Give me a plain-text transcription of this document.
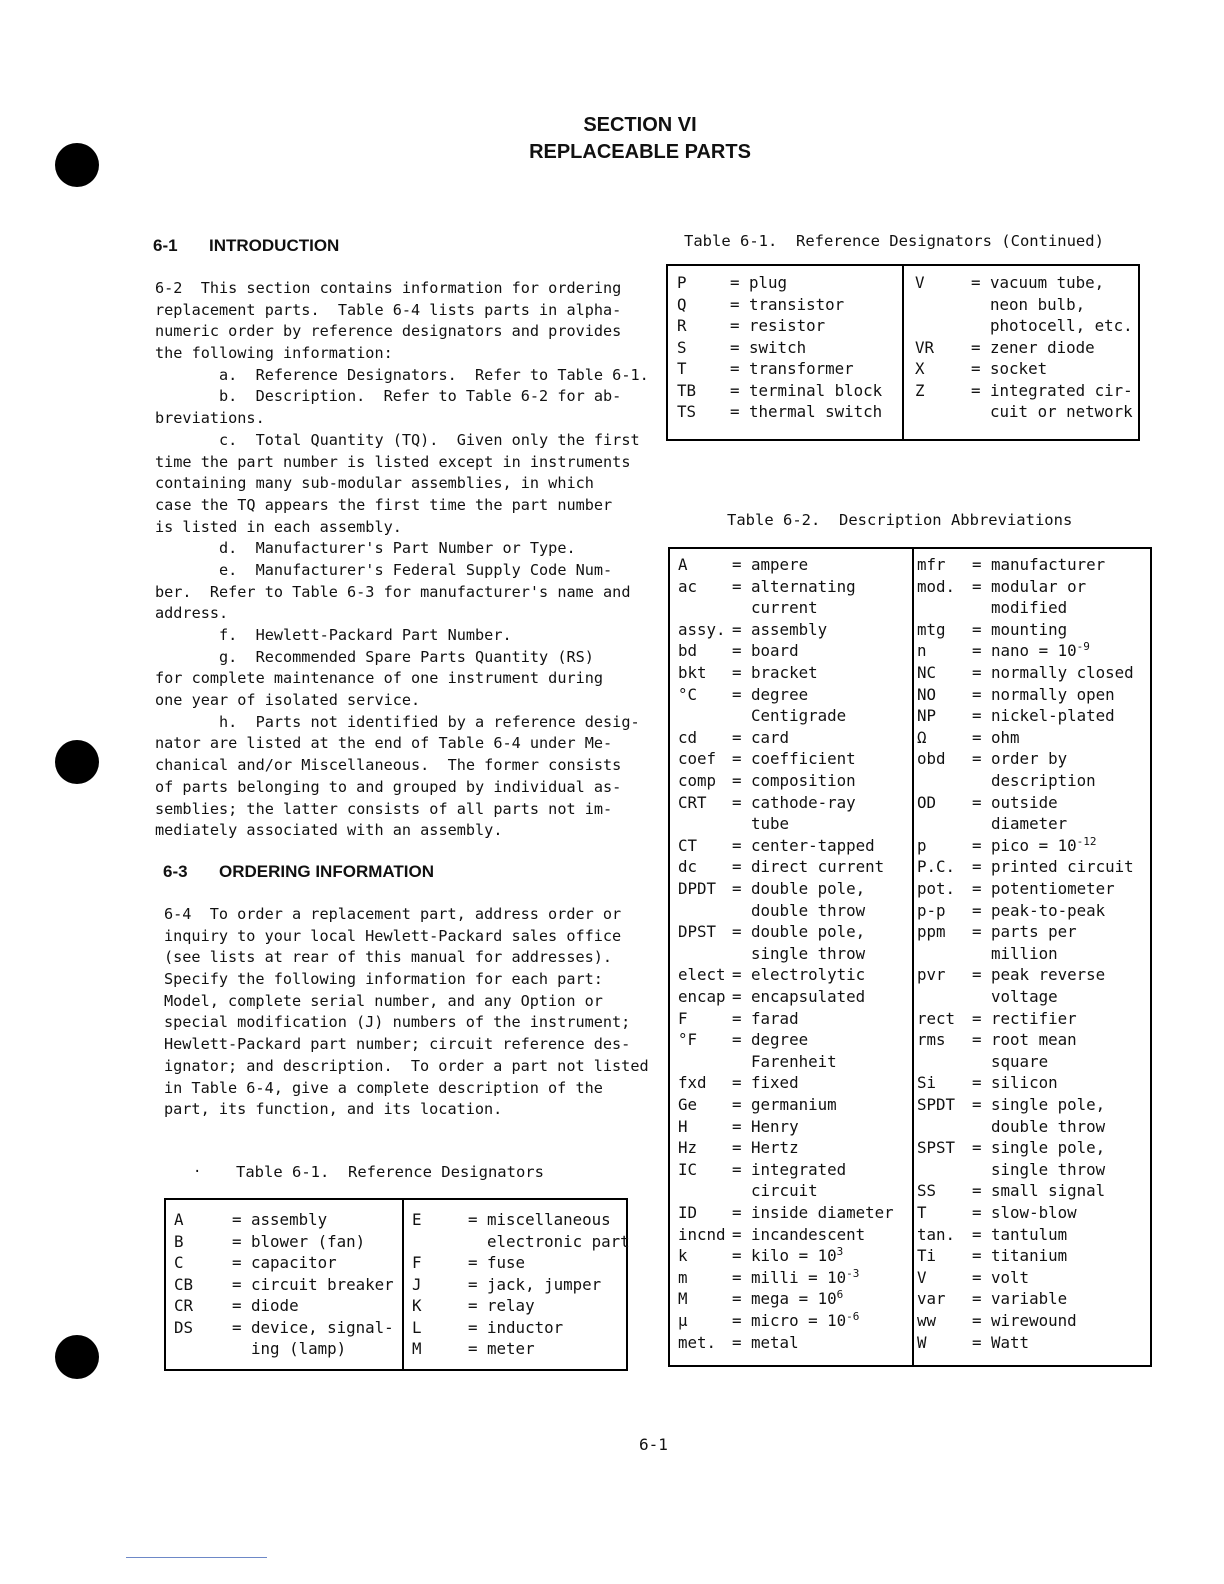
SECTION VI
REPLACEABLE PARTS
6-1 INTRODUCTION
6-2  This section contains information for ordering
replacement parts.  Table 6-4 lists parts in alpha-
numeric order by reference designators and provides
the following information:
a.  Reference Designators.  Refer to Table 6-1.
b.  Description.  Refer to Table 6-2 for ab-
breviations.
c.  Total Quantity (TQ).  Given only the first
time the part number is listed except in instruments
containing many sub-modular assemblies, in which
case the TQ appears the first time the part number
is listed in each assembly.
d.  Manufacturer's Part Number or Type.
e.  Manufacturer's Federal Supply Code Num-
ber.  Refer to Table 6-3 for manufacturer's name and
address.
f.  Hewlett-Packard Part Number.
g.  Recommended Spare Parts Quantity (RS)
for complete maintenance of one instrument during
one year of isolated service.
h.  Parts not identified by a reference desig-
nator are listed at the end of Table 6-4 under Me-
chanical and/or Miscellaneous.  The former consists
of parts belonging to and grouped by individual as-
semblies; the latter consists of all parts not im-
mediately associated with an assembly.
6-3 ORDERING INFORMATION
6-4  To order a replacement part, address order or
inquiry to your local Hewlett-Packard sales office
(see lists at rear of this manual for addresses).
Specify the following information for each part:
Model, complete serial number, and any Option or
special modification (J) numbers of the instrument;
Hewlett-Packard part number; circuit reference des-
ignator; and description.  To order a part not listed
in Table 6-4, give a complete description of the
part, its function, and its location.
· Table 6-1.  Reference Designators
A	= assembly
B	= blower (fan)
C	= capacitor
CB = circuit breaker
CR = diode
DS = device, signal-
ing (lamp)
E	= miscellaneous
electronic part
F	= fuse
J	= jack, jumper
K	= relay
L	= inductor
M	= meter
Table 6-1.  Reference Designators (Continued)
P	= plug
Q	= transistor
R	= resistor
S	= switch
T	= transformer
TB = terminal block
TS = thermal switch
V	= vacuum tube,
neon bulb,
photocell, etc.
VR = zener diode
X	= socket
Z	= integrated cir-
cuit or network
Table 6-2.  Description Abbreviations
A	= ampere
ac = alternating
current
assy. = assembly
bd = board
bkt = bracket
°C = degree
Centigrade
cd = card
coef = coefficient
comp = composition
CRT = cathode-ray
tube
CT = center-tapped
dc = direct current
DPDT = double pole,
double throw
DPST = double pole,
single throw
elect = electrolytic
encap = encapsulated
F	= farad
°F = degree
Farenheit
fxd = fixed
Ge = germanium
H	= Henry
Hz = Hertz
IC = integrated
circuit
ID = inside diameter
incnd = incandescent
k	= kilo = $10^3$
m	= milli = $10^{-3}$
M	= mega = $10^6$
μ	= micro = $10^{-6}$
met. = metal
mfr = manufacturer
mod. = modular or
modified
mtg = mounting
n	= nano = $10^{-9}$
NC = normally closed
NO = normally open
NP = nickel-plated
Ω	= ohm
obd = order by
description
OD = outside
diameter
p	= pico = $10^{-12}$
P.C. = printed circuit
pot. = potentiometer
p-p = peak-to-peak
ppm = parts per
million
pvr = peak reverse
voltage
rect = rectifier
rms = root mean
square
Si = silicon
SPDT = single pole,
double throw
SPST = single pole,
single throw
SS = small signal
T	= slow-blow
tan. = tantulum
Ti = titanium
V	= volt
var = variable
ww = wirewound
W	= Watt
6-1
